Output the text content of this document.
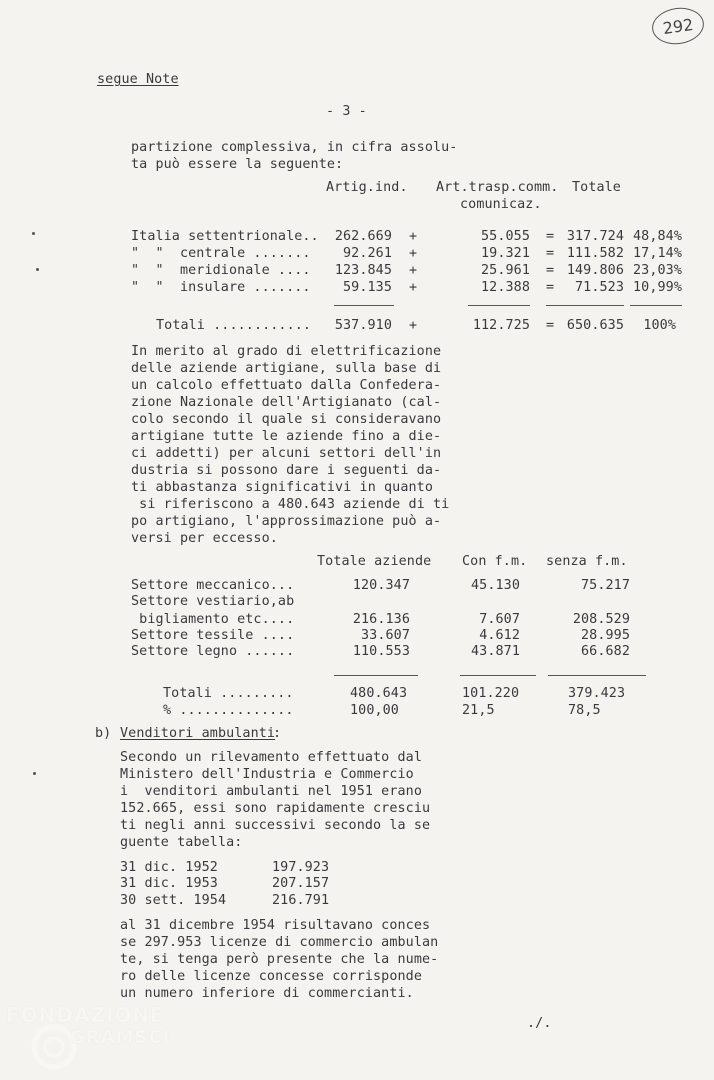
292
segue Note
- 3 -
partizione complessiva, in cifra assolu-
ta può essere la seguente:
Artig.ind. Art.trasp.comm.
comunicaz.
Totale
Italia settentrionale..	262.669 +	55.055 = 317.724 48,84%
"  "  centrale .......	92.261 +	19.321 = 111.582 17,14%
"  "  meridionale ....	123.845 +	25.961 = 149.806 23,03%
"  "  insulare .......	59.135 +	12.388 =	71.523 10,99%
Totali ............	537.910 +	112.725 = 650.635	100%
In merito al grado di elettrificazione
delle aziende artigiane, sulla base di
un calcolo effettuato dalla Confedera-
zione Nazionale dell'Artigianato (cal-
colo secondo il quale si consideravano
artigiane tutte le aziende fino a die-
ci addetti) per alcuni settori dell'in
dustria si possono dare i seguenti da-
ti abbastanza significativi in quanto
si riferiscono a 480.643 aziende di ti
po artigiano, l'approssimazione può a-
versi per eccesso.
Totale aziende Con f.m. senza f.m.
Settore meccanico...	120.347	45.130	75.217
Settore vestiario,ab
bigliamento etc....	216.136	7.607	208.529
Settore tessile ....	33.607	4.612	28.995
Settore legno ......	110.553	43.871	66.682
Totali .........	480.643	101.220	379.423
% ..............	100,00	21,5	78,5
b) Venditori ambulanti
:
Secondo un rilevamento effettuato dal
Ministero dell'Industria e Commercio
i  venditori ambulanti nel 1951 erano
152.665, essi sono rapidamente cresciu
ti negli anni successivi secondo la se
guente tabella:
31 dic. 1952	197.923
31 dic. 1953	207.157
30 sett. 1954	216.791
al 31 dicembre 1954 risultavano conces
se 297.953 licenze di commercio ambulan
te, si tenga però presente che la nume-
ro delle licenze concesse corrisponde
un numero inferiore di commercianti.
./.
FONDAZIONE
GRAMSCI
